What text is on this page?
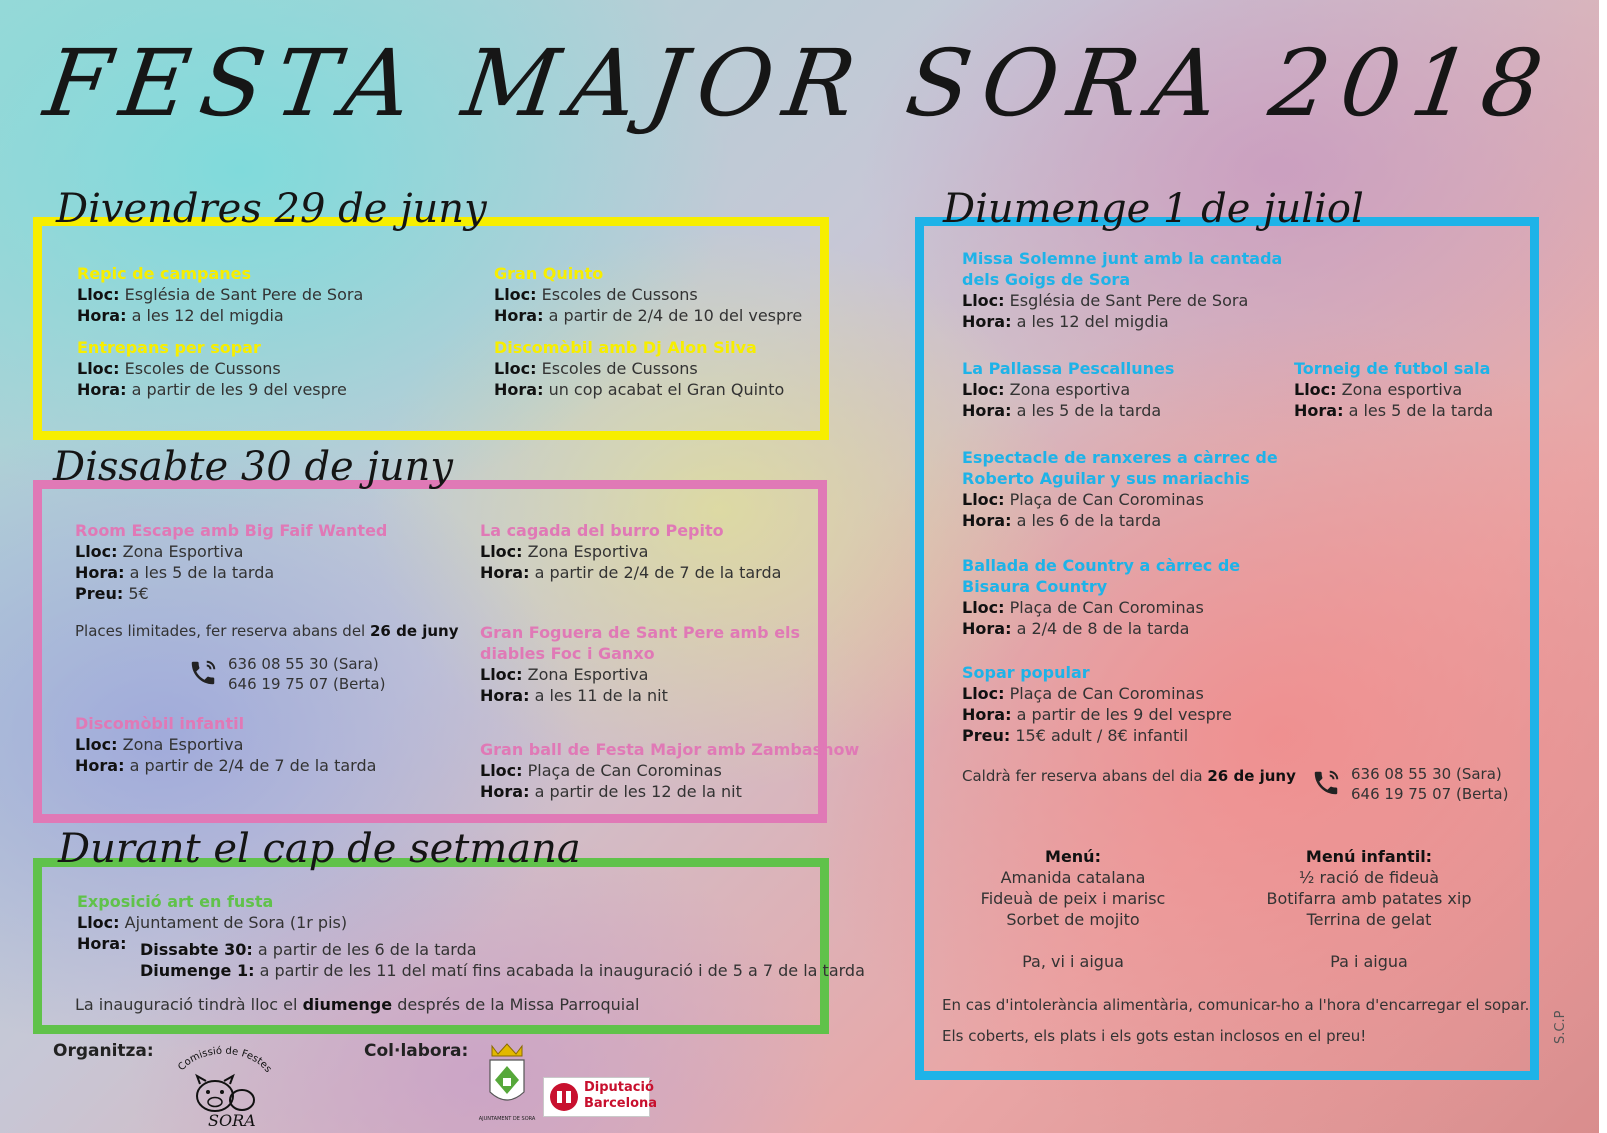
FESTA MAJOR SORA 2018
Divendres 29 de juny
Repic de campanes
Lloc: Església de Sant Pere de Sora
Hora: a les 12 del migdia
Entrepans per sopar
Lloc: Escoles de Cussons
Hora: a partir de les 9 del vespre
Gran Quinto
Lloc: Escoles de Cussons
Hora: a partir de 2/4 de 10 del vespre
Discomòbil amb Dj Alon Silva
Lloc: Escoles de Cussons
Hora: un cop acabat el Gran Quinto
Dissabte 30 de juny
Room Escape amb Big Faif Wanted
Lloc: Zona Esportiva
Hora: a les 5 de la tarda
Preu: 5€
Places limitades, fer reserva abans del 26 de juny
636 08 55 30 (Sara)
646 19 75 07 (Berta)
Discomòbil infantil
Lloc: Zona Esportiva
Hora: a partir de 2/4 de 7 de la tarda
La cagada del burro Pepito
Lloc: Zona Esportiva
Hora: a partir de 2/4 de 7 de la tarda
Gran Foguera de Sant Pere amb els
diables Foc i Ganxo
Lloc: Zona Esportiva
Hora: a les 11 de la nit
Gran ball de Festa Major amb Zambashow
Lloc: Plaça de Can Corominas
Hora: a partir de les 12 de la nit
Durant el cap de setmana
Exposició art en fusta
Lloc: Ajuntament de Sora (1r pis)
Hora: Dissabte 30: a partir de les 6 de la tarda
Diumenge 1: a partir de les 11 del matí fins acabada la inauguració i de 5 a 7 de la tarda
La inauguració tindrà lloc el diumenge després de la Missa Parroquial
Diumenge 1 de juliol
Missa Solemne junt amb la cantada
dels Goigs de Sora
Lloc: Església de Sant Pere de Sora
Hora: a les 12 del migdia
La Pallassa Pescallunes
Lloc: Zona esportiva
Hora: a les 5 de la tarda
Torneig de futbol sala
Lloc: Zona esportiva
Hora: a les 5 de la tarda
Espectacle de ranxeres a càrrec de
Roberto Aguilar y sus mariachis
Lloc: Plaça de Can Corominas
Hora: a les 6 de la tarda
Ballada de Country a càrrec de
Bisaura Country
Lloc: Plaça de Can Corominas
Hora: a 2/4 de 8 de la tarda
Sopar popular
Lloc: Plaça de Can Corominas
Hora: a partir de les 9 del vespre
Preu: 15€ adult / 8€ infantil
Caldrà fer reserva abans del dia 26 de juny	636 08 55 30 (Sara)
646 19 75 07 (Berta)
Menú:
Amanida catalana
Fideuà de peix i marisc
Sorbet de mojito
Pa, vi i aigua
Menú infantil:
½ ració de fideuà
Botifarra amb patates xip
Terrina de gelat
Pa i aigua
En cas d'intolerància alimentària, comunicar-ho a l'hora d'encarregar el sopar.
Els coberts, els plats i els gots estan inclosos en el preu!
Organitza:
Comissió de Festes
SORA
Col·labora:
AJUNTAMENT DE SORA
Diputació
Barcelona
S.C.P
